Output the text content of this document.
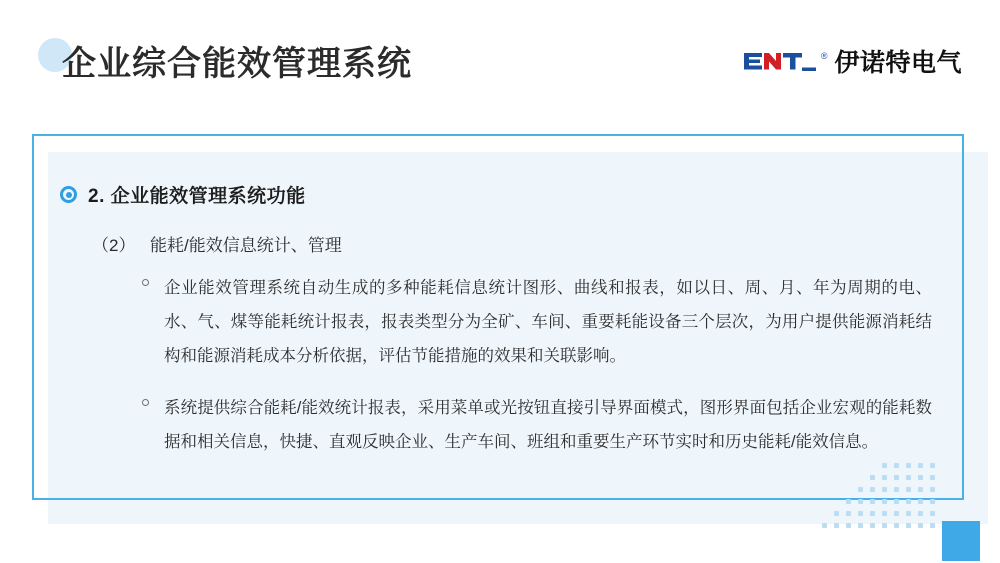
企业综合能效管理系统	® 伊诺特电气
2. 企业能效管理系统功能
（2） 能耗/能效信息统计、管理
企业能效管理系统自动生成的多种能耗信息统计图形、曲线和报表，如以日、周、月、年为周期的电、水、气、煤等能耗统计报表，报表类型分为全矿、车间、重要耗能设备三个层次，为用户提供能源消耗结构和能源消耗成本分析依据，评估节能措施的效果和关联影响。
系统提供综合能耗/能效统计报表，采用菜单或光按钮直接引导界面模式，图形界面包括企业宏观的能耗数据和相关信息，快捷、直观反映企业、生产车间、班组和重要生产环节实时和历史能耗/能效信息。
